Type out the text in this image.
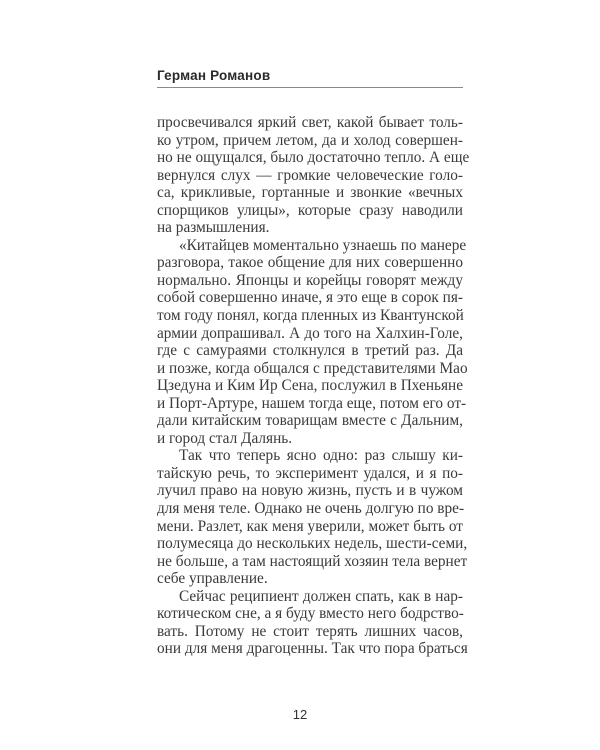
Герман Романов
просвечивался яркий свет, какой бывает толь-
ко утром, причем летом, да и холод совершен-
но не ощущался, было достаточно тепло. А еще
вернулся слух — громкие человеческие голо-
са, крикливые, гортанные и звонкие «вечных
спорщиков улицы», которые сразу наводили
на размышления.
«Китайцев моментально узнаешь по манере
разговора, такое общение для них совершенно
нормально. Японцы и корейцы говорят между
собой совершенно иначе, я это еще в сорок пя-
том году понял, когда пленных из Квантунской
армии допрашивал. А до того на Халхин-Голе,
где с самураями столкнулся в третий раз. Да
и позже, когда общался с представителями Мао
Цзедуна и Ким Ир Сена, послужил в Пхеньяне
и Порт-Артуре, нашем тогда еще, потом его от-
дали китайским товарищам вместе с Дальним,
и город стал Далянь.
Так что теперь ясно одно: раз слышу ки-
тайскую речь, то эксперимент удался, и я по-
лучил право на новую жизнь, пусть и в чужом
для меня теле. Однако не очень долгую по вре-
мени. Разлет, как меня уверили, может быть от
полумесяца до нескольких недель, шести-семи,
не больше, а там настоящий хозяин тела вернет
себе управление.
Сейчас реципиент должен спать, как в нар-
котическом сне, а я буду вместо него бодрство-
вать. Потому не стоит терять лишних часов,
они для меня драгоценны. Так что пора браться
12
